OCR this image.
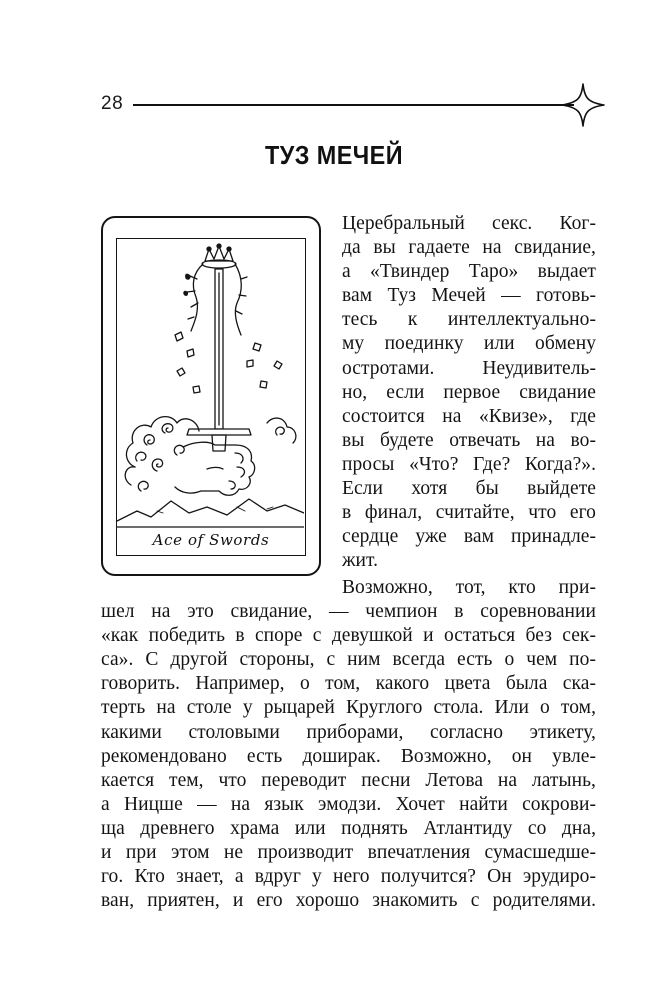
28
ТУЗ МЕЧЕЙ
Ace of Swords
Церебральный секс. Ког-
да вы гадаете на свидание,
а «Твиндер Таро» выдает
вам Туз Мечей — готовь-
тесь к интеллектуально-
му поединку или обмену
остротами. Неудивитель-
но, если первое свидание
состоится на «Квизе», где
вы будете отвечать на во-
просы «Что? Где? Когда?».
Если хотя бы выйдете
в финал, считайте, что его
сердце уже вам принадле-
жит.
Возможно, тот, кто при-
шел на это свидание, — чемпион в соревновании
«как победить в споре с девушкой и остаться без сек-
са». С другой стороны, с ним всегда есть о чем по-
говорить. Например, о том, какого цвета была ска-
терть на столе у рыцарей Круглого стола. Или о том,
какими столовыми приборами, согласно этикету,
рекомендовано есть доширак. Возможно, он увле-
кается тем, что переводит песни Летова на латынь,
а Ницше — на язык эмодзи. Хочет найти сокрови-
ща древнего храма или поднять Атлантиду со дна,
и при этом не производит впечатления сумасшедше-
го. Кто знает, а вдруг у него получится? Он эрудиро-
ван, приятен, и его хорошо знакомить с родителями.
